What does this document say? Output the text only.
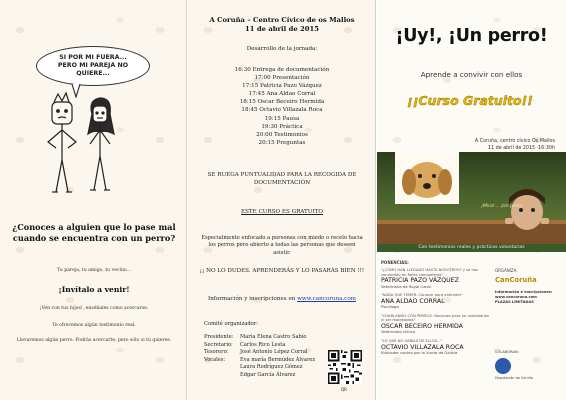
SI POR MI FUERA...
PERO MI PAREJA NO
QUIERE...
¿Conoces a alguien que lo pase mal cuando se encuentra con un perro?
Tu pareja, tu amigo, tu vecino…
¡Invítalo a venir!
¡Ven con tus hijos!, enséñales como acercarse.
Te ofrecemos algún testimonio real.
Llevaremos algún perro. Podrás acercarte, pero sólo si tú quieres.
A Coruña – Centro Cívico de os Mallos
11 de abril de 2015
Desarrollo de la jornada:
16:30 Entrega de documentación
17:00 Presentación
17:15 Patricia Pazo Vázquez
17:45 Ana Aldao Corral
18:15 Oscar Beceiro Hermida
18:45 Octavio Villazala Roca
19:15 Pausa
19:30 Práctica
20:00 Testimonios
20:15 Preguntas
SE RUEGA PUNTUALIDAD PARA LA RECOGIDA DE DOCUMENTACIÓN
ESTE CURSO ES GRATUITO
Especialmente enfocado a personas con miedo o recelo hacia los perros pero abierto a todas las personas que deseen asistir.
¡¡ NO LO DUDES. APRENDERÁS Y LO PASARÁS BIEN !!!
Información y inscripciones en www.cancoruna.com
Comité organizador:
Presidente:	María Elena Castro Sabío
Secretario:	Carlos Rico Lesta
Tesorero:	José Antonio López Corral
Vocales:	Eva maría Bermúdez Álvarez
Laura Rodríguez Gómez
Edgar García Álvarez
QR
¡Uy!, ¡Un perro!
Aprende a convivir con ellos
¡¡Curso Gratuito!!
A Coruña, centro cívico Os Mallos
11 de abril de 2015 ·16:30h
¡Mira!... ¡Un perro
Con testimonios reales y prácticas voluntarias
PONENCIAS:
"¿CÓMO HAN LLEGADO HASTA NOSOTROS? y se han convertido en fieles compañeros"
PATRICIA PAZO VÁZQUEZ
Veterinaria de Royal Canin
"NADA QUE TEMER. Conocer para entender"
ANA ALDAO CORRAL
Psicóloga
"CHARLANDO CON PERROS. Nociones para no molestarlos ni ser molestados"
OSCAR BECEIRO HERMIDA
Veterinario clínico
"LO QUE NO SABÍAS DE ELLOS..."
OCTAVIO VILLAZALA ROCA
Educador canino por la Xunta de Galicia
ORGANIZA:
CanCoruña
Información e inscripciones:
www.cancoruna.com
PLAZAS LIMITADAS
COLABORAN:
Deputación da Coruña
